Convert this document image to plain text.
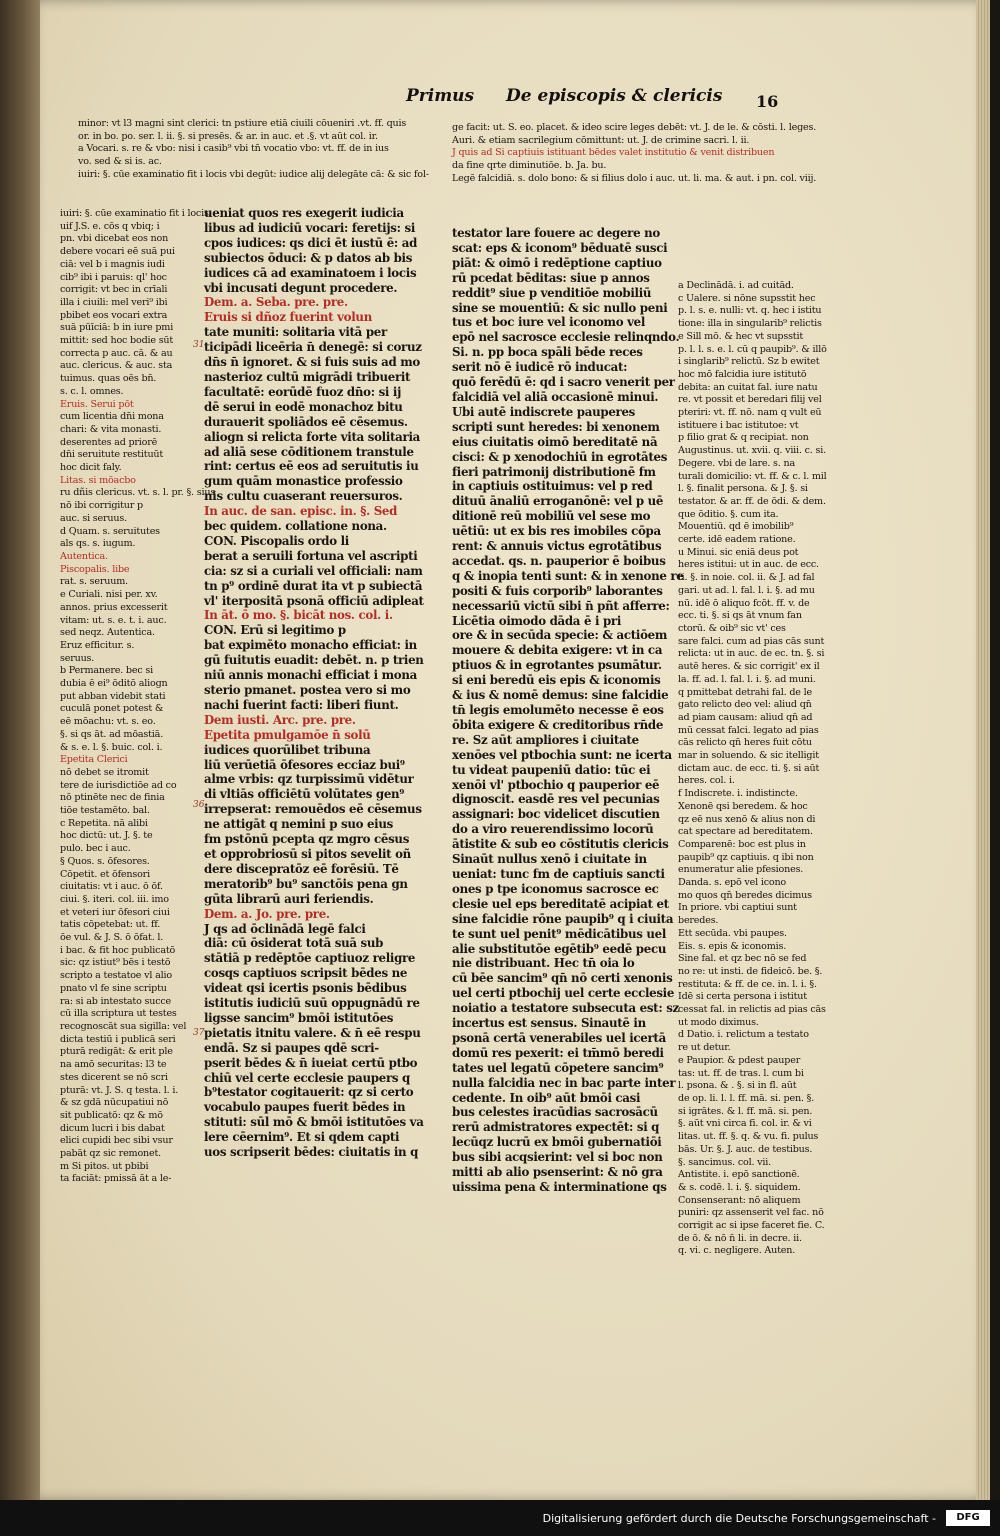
Primus De episcopis & clericis 16

minor: vt l3 magni sint clerici: tn pstiure etiā ciuili cōueniri .vt. ff. quis

or. in bo. po. ser. l. ii. §. si presēs. & ar. in auc. et .§. vt aūt col. ir.

a Vocari. s. re & vbo: nisi i casib⁹ vbi tn̄ vocatio vbo: vt. ff. de in ius

vo. sed & si is. ac.

iuiri: §. cūe examinatio fit i locis vbi degūt: iudice alij delegāte cā: & sic fol-

iuiri: §. cūe examinatio fit i locis

uif J.S. e. cōs q vbiq; i

pn. vbi dicebat eos non

debere vocari eē suā pui

ciā: vel b i magnis iudi

cib⁹ ibi i paruis: ql' hoc

corrigit: vt bec in crīali

illa i ciuili: mel veri⁹ ibi

pbibet eos vocari extra

suā pūīciā: b in iure pmi

mittit: sed hoc bodie sūt

correcta p auc. cā. & au

auc. clericus. & auc. sta

tuimus. quas oēs bn̄.

s. c. l. omnes.

Eruis. Serui pōt

cum licentia dn̄i mona

chari: & vita monasti.

deserentes ad priorē

dn̄i seruitute restituūt

hoc dicit faly.

Litas. si mōacbo

ru dñis clericus. vt. s. l. pr. §. sius

nō ibi corrigitur p

auc. si seruus.

d Quam. s. seruitutes

als qs. s. iugum.

Autentica.

Piscopalis. libe

rat. s. seruum.

e Curiali. nisi per. xv.

annos. prius excesserit

vitam: ut. s. e. t. i. auc.

sed neqz. Autentica.

Eruz efficitur. s.

seruus.

b Permanere. bec si

dubia ē ei⁹ ōditō aliogn

put abban videbit stati

cuculā ponet potest &

eē mōachu: vt. s. eo.

§. si qs āt. ad mōastiā.

& s. e. l. §. buic. col. i.

Epetita Clerici

nō debet se itromit

tere de iurisdictiōe ad co

nō ptinēte nec de finia

tiōe testamēto. bal.

c Repetita. nā alibi

hoc dictū: ut. J. §. te

pulo. bec i auc.

§ Quos. s. ōfesores.

Cōpetit. et ōfensori

ciuitatis: vt i auc. ō ōf.

ciui. §. iteri. col. iii. imo

et veteri iur ōfesori ciui

tatis cōpetebat: ut. ff.

ōe vul. & J. S. ō ōfat. l.

i bac. & fit hoc publicatō

sic: qz istiut⁹ bēs i testō

scripto a testatoe vl alio

pnato vl fe sine scriptu

ra: si ab intestato succe

cū illa scriptura ut testes

recognoscāt sua sigilla: vel

dicta testiū i publicā seri

pturā redigāt: & erit ple

na amō securitas: l3 te

stes dicerent se nō scri

pturā: vt. J. S. q testa. l. i.

& sz gdā nūcupatiui nō

sit publicatō: qz & mō

dicum lucri i bis dabat

elici cupidi bec sibi vsur

pabāt qz sic remonet.

m Si pitos. ut pbibi

ta faciāt: pmissā āt a le-

ueniat quos res exegerit iudicia

libus ad iudiciū vocari: feretijs: si

cpos iudices: qs dici ēt iustū ē: ad

subiectos ōduci: & p datos ab bis

iudices cā ad examinatoem i locis

vbi incusati degunt procedere.

Dem. a. Seba. pre. pre.

Eruis si dñoz fuerint volun

tate muniti: solitaria vitā per

ticipādi liceēria n̄ denegē: si coruz

dn̄s n̄ ignoret. & si fuis suis ad mo

nasterioz cultū migrādi tribuerit

facultatē: eorūdē fuoz dn̄o: si ij

dē serui in eodē monachoz bitu

durauerit spoliādos eē cēsemus.

aliogn si relicta forte vita solitaria

ad aliā sese cōditionem transtule

rint: certus eē eos ad seruitutis iu

gum quām monastice professio

nis cultu cuaserant reuersuros.

In auc. de san. episc. in. §. Sed

bec quidem. collatione nona.

CON. Piscopalis ordo li

berat a seruili fortuna vel ascripti

cia: sz si a curiali vel officiali: nam

tn p⁹ ordinē durat ita vt p subiectā

vl' iterpositā psonā officiū adipleat

In āt. ō mo. §. bicāt nos. col. i.

CON. Erū si legitimo p

bat expimēto monacho efficiat: in

gū fuitutis euadit: debēt. n. p trien

niū annis monachi efficiat i mona

sterio pmanet. postea vero si mo

nachi fuerint facti: liberi fiunt.

Dem iusti. Arc. pre. pre.

Epetita pmulgamōe n̄ solū

iudices quorūlibet tribuna

liū verūetiā ōfesores ecciaz bui⁹

alme vrbis: qz turpissimū vidētur

di vltiās officiētū volūtates gen⁹

irrepserat: remouēdos eē cēsemus

ne attigāt q nemini p suo eius

fm pstōnū pcepta qz mgro cēsus

et opprobriosū si pitos sevelit oñ

dere discepratōz eē forēsiū. Tē

meratorib⁹ bu⁹ sanctōis pena gn

gūta librarū auri feriendis.

Dem. a. Jo. pre. pre.

J qs ad ōclinādā legē falci

diā: cū ōsiderat totā suā sub

stātiā p redēptōe captiuoz religre

cosqs captiuos scripsit bēdes ne

videat qsi icertis psonis bēdibus

istitutis iudiciū suū oppugnādū re

ligsse sancim⁹ bmōi istitutōes

pietatis itnitu valere. & n̄ eē respu

endā. Sz si paupes qdē scri-

pserit bēdes & n̄ iueiat certū ptbo

chiū vel certe ecclesie paupers q

b⁹testator cogitauerit: qz si certo

vocabulo paupes fuerit bēdes in

stituti: sūl mō & bmōi istitutōes va

lere cēernim⁹. Et si qdem capti

uos scripserit bēdes: ciuitatis in q

ge facit: ut. S. eo. placet. & ideo scire leges debēt: vt. J. de le. & cōsti. l. leges.

Auri. & etiam sacrilegium cōmittunt: ut. J. de crimine sacri. l. ii.

J quis ad Si captiuis istituant bēdes valet institutio & venit distribuen

da fine qrte diminutiōe. b. Ja. bu.

Legē falcidiā. s. dolo bono: & si filius dolo i auc. ut. li. ma. & aut. i pn. col. viij.

testator lare fouere ac degere no

scat: eps & iconom⁹ bēduatē susci

piāt: & oimō i redēptione captiuo

rū pcedat bēditas: siue p annos

reddit⁹ siue p venditiōe mobiliū

sine se mouentiū: & sic nullo peni

tus et boc iure vel iconomo vel

epō nel sacrosce ecclesie relinqndo.

Si. n. pp boca spāli bēde reces

serit nō ē iudicē rō inducat:

quō ferēdū ē: qd i sacro venerit per

falcidiā vel aliā occasionē minui.

Ubi autē indiscrete pauperes

scripti sunt heredes: bi xenonem

eius ciuitatis oimō bereditatē nā

cisci: & p xenodochiū in egrotātes

fieri patrimonij distributionē fm

in captiuis ostituimus: vel p red

dituū ānaliū erroganōnē: vel p uē

ditionē reū mobiliū vel sese mo

uētiū: ut ex bis res imobiles cōpa

rent: & annuis victus egrotātibus

accedat. qs. n. pauperior ē boibus

q & inopia tenti sunt: & in xenone re

positi & fuis corporib⁹ laborantes

necessariū victū sibi n̄ pñt afferre:

Licētia oimodo dāda ē i pri

ore & in secūda specie: & actiōem

mouere & debita exigere: vt in ca

ptiuos & in egrotantes psumātur.

si eni beredū eis epis & iconomis

& ius & nomē demus: sine falcidie

tn̄ legis emolumēto necesse ē eos

ōbita exigere & creditoribus rn̄de

re. Sz aūt ampliores i ciuitate

xenōes vel ptbochia sunt: ne icerta

tu videat paupeniū datio: tūc ei

xenōi vl' ptbochio q pauperior eē

dignoscit. easdē res vel pecunias

assignari: boc videlicet discutien

do a viro reuerendissimo locorū

ātistite & sub eo cōstitutis clericis

Sinaūt nullus xenō i ciuitate in

ueniat: tunc fm de captiuis sancti

ones p tpe iconomus sacrosce ec

clesie uel eps bereditatē acipiat et

sine falcidie rōne paupib⁹ q i ciuita

te sunt uel penit⁹ mēdicātibus uel

alie substitutōe egētib⁹ eedē pecu

nie distribuant. Hec tn̄ oia lo

cū bēe sancim⁹ qn̄ nō certi xenonis

uel certi ptbochij uel certe ecclesie

noiatio a testatore subsecuta est: sz

incertus est sensus. Sinautē in

psonā certā venerabiles uel icertā

domū res pexerit: ei tm̄mō beredi

tates uel legatū cōpetere sancim⁹

nulla falcidia nec in bac parte inter

cedente. In oib⁹ aūt bmōi casi

bus celestes iracūdias sacrosācū

rerū admistratores expectēt: si q

lecūqz lucrū ex bmōi gubernatiōi

bus sibi acqsierint: vel si boc non

mitti ab alio psenserint: & nō gra

uissima pena & interminatione qs

a Declinādā. i. ad cuitād.

c Ualere. si nōne supsstit hec

p. l. s. e. nulli: vt. q. hec i istitu

tione: illa in singularib⁹ relictis

e Sill mō. & hec vt supsstit

p. l. l. s. e. l. cū q paupib⁹. & illō

i singlarib⁹ relictū. Sz b ewitet

hoc mō falcidia iure istitutō

debita: an cuitat fal. iure natu

re. vt possit et beredari filij vel

pteriri: vt. ff. nō. nam q vult eū

istituere i bac istitutoe: vt

p filio grat & q recipiat. non

Augustinus. ut. xvii. q. viii. c. si.

Degere. vbi de lare. s. na

turali domicilio: vt. ff. & c. l. mil

l. §. finalit persona. & J. §. si

testator. & ar. ff. de ōdi. & dem.

que ōditio. §. cum ita.

Mouentiū. qd ē imobilib⁹

certe. idē eadem ratione.

u Minui. sic eniā deus pot

heres istitui: ut in auc. de ecc.

ti. §. in noie. col. ii. & J. ad fal

gari. ut ad. l. fal. l. i. §. ad mu

nū. idē ō aliquo fcōt. ff. v. de

ecc. ti. §. si qs āt vnum fan

ctorū. & oib⁹ sic vt' ces

sare falci. cum ad pias cās sunt

relicta: ut in auc. de ec. tn. §. si

autē heres. & sic corrigit' ex il

la. ff. ad. l. fal. l. i. §. ad muni.

q pmittebat detrahi fal. de le

gato relicto deo vel: aliud qn̄

ad piam causam: aliud qn̄ ad

mū cessat falci. legato ad pias

cās relicto qn̄ heres fuit cōtu

mar in soluendo. & sic itelligit

dictam auc. de ecc. ti. §. si aūt

heres. col. i.

f Indiscrete. i. indistincte.

Xenonē qsi beredem. & hoc

qz eē nus xenō & alius non di

cat spectare ad bereditatem.

Comparenē: boc est plus in

paupib⁹ qz captiuis. q ibi non

enumeratur alie pfesiones.

Danda. s. epō vel icono

mo quos qn̄ beredes dicimus

In priore. vbi captiui sunt

beredes.

Ett secūda. vbi paupes.

Eis. s. epis & iconomis.

Sine fal. et qz bec nō se fed

no re: ut insti. de fideicō. be. §.

restituta: & ff. de ce. in. l. i. §.

Idē si certa persona i istitut

cessat fal. in relictis ad pias cās

ut modo diximus.

d Datio. i. relictum a testato

re ut detur.

e Paupior. & pdest pauper

tas: ut. ff. de tras. l. cum bi

l. psona. & . §. si in fl. aūt

de op. li. l. l. ff. mā. si. pen. §.

si igrātes. & l. ff. mā. si. pen.

§. aūt vni circa fi. col. ir. & vi

litas. ut. ff. §. q. & vu. fi. pulus

bās. Ur. §. J. auc. de testibus.

§. sancimus. col. vii.

Antistite. i. epō sanctionē.

& s. codē. l. i. §. siquidem.

Consenserant: nō aliquem

puniri: qz assenserit vel fac. nō

corrigit ac si ipse faceret fie. C.

de ō. & nō n̄ li. in decre. ii.

q. vi. c. negligere. Auten.

31
36
37
Digitalisierung gefördert durch die Deutsche Forschungsgemeinschaft -	DFG
